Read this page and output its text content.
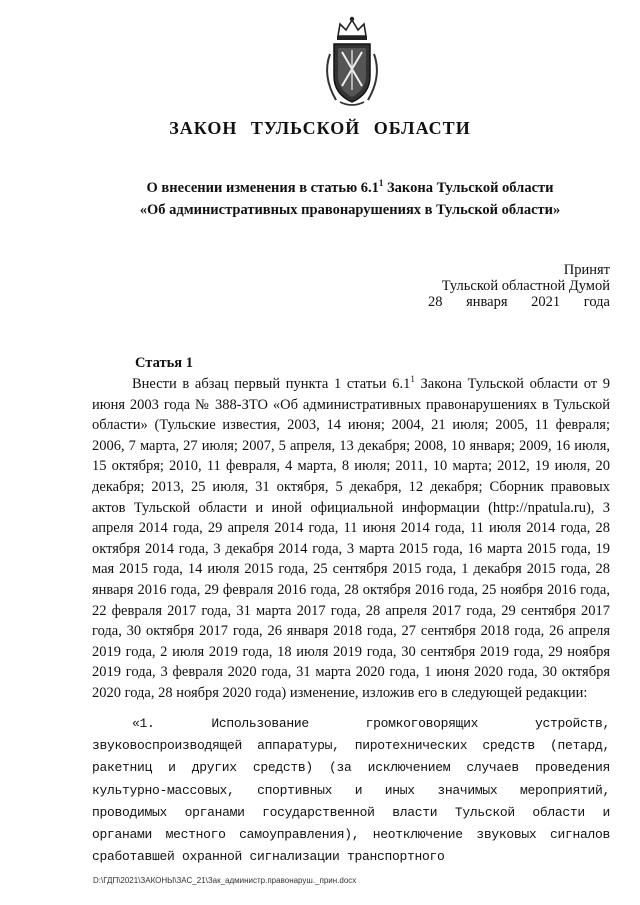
ЗАКОН ТУЛЬСКОЙ ОБЛАСТИ
О внесении изменения в статью $6.1^1$ Закона Тульской области
«Об административных правонарушениях в Тульской области»
Принят
Тульской областной Думой
28 января 2021 года
Статья 1
Внести в абзац первый пункта 1 статьи $6.1^1$ Закона Тульской области от 9 июня 2003 года № 388-ЗТО «Об административных правонарушениях в Тульской области» (Тульские известия, 2003, 14 июня; 2004, 21 июля; 2005, 11 февраля; 2006, 7 марта, 27 июля; 2007, 5 апреля, 13 декабря; 2008, 10 января; 2009, 16 июля, 15 октября; 2010, 11 февраля, 4 марта, 8 июля; 2011, 10 марта; 2012, 19 июля, 20 декабря; 2013, 25 июля, 31 октября, 5 декабря, 12 декабря; Сборник правовых актов Тульской области и иной официальной информации (http://npatula.ru), 3 апреля 2014 года, 29 апреля 2014 года, 11 июня 2014 года, 11 июля 2014 года, 28 октября 2014 года, 3 декабря 2014 года, 3 марта 2015 года, 16 марта 2015 года, 19 мая 2015 года, 14 июля 2015 года, 25 сентября 2015 года, 1 декабря 2015 года, 28 января 2016 года, 29 февраля 2016 года, 28 октября 2016 года, 25 ноября 2016 года, 22 февраля 2017 года, 31 марта 2017 года, 28 апреля 2017 года, 29 сентября 2017 года, 30 октября 2017 года, 26 января 2018 года, 27 сентября 2018 года, 26 апреля 2019 года, 2 июля 2019 года, 18 июля 2019 года, 30 сентября 2019 года, 29 ноября 2019 года, 3 февраля 2020 года, 31 марта 2020 года, 1 июня 2020 года, 30 октября 2020 года, 28 ноября 2020 года) изменение, изложив его в следующей редакции:
«1. Использование громкоговорящих устройств, звуковоспроизводящей аппаратуры, пиротехнических средств (петард, ракетниц и других средств) (за исключением случаев проведения культурно-массовых, спортивных и иных значимых мероприятий, проводимых органами государственной власти Тульской области и органами местного самоуправления), неотключение звуковых сигналов сработавшей охранной сигнализации транспортного
D:\ГДП\2021\ЗАКОНЫ\ЗАС_21\Зак_администр.правонаруш._прин.docx
